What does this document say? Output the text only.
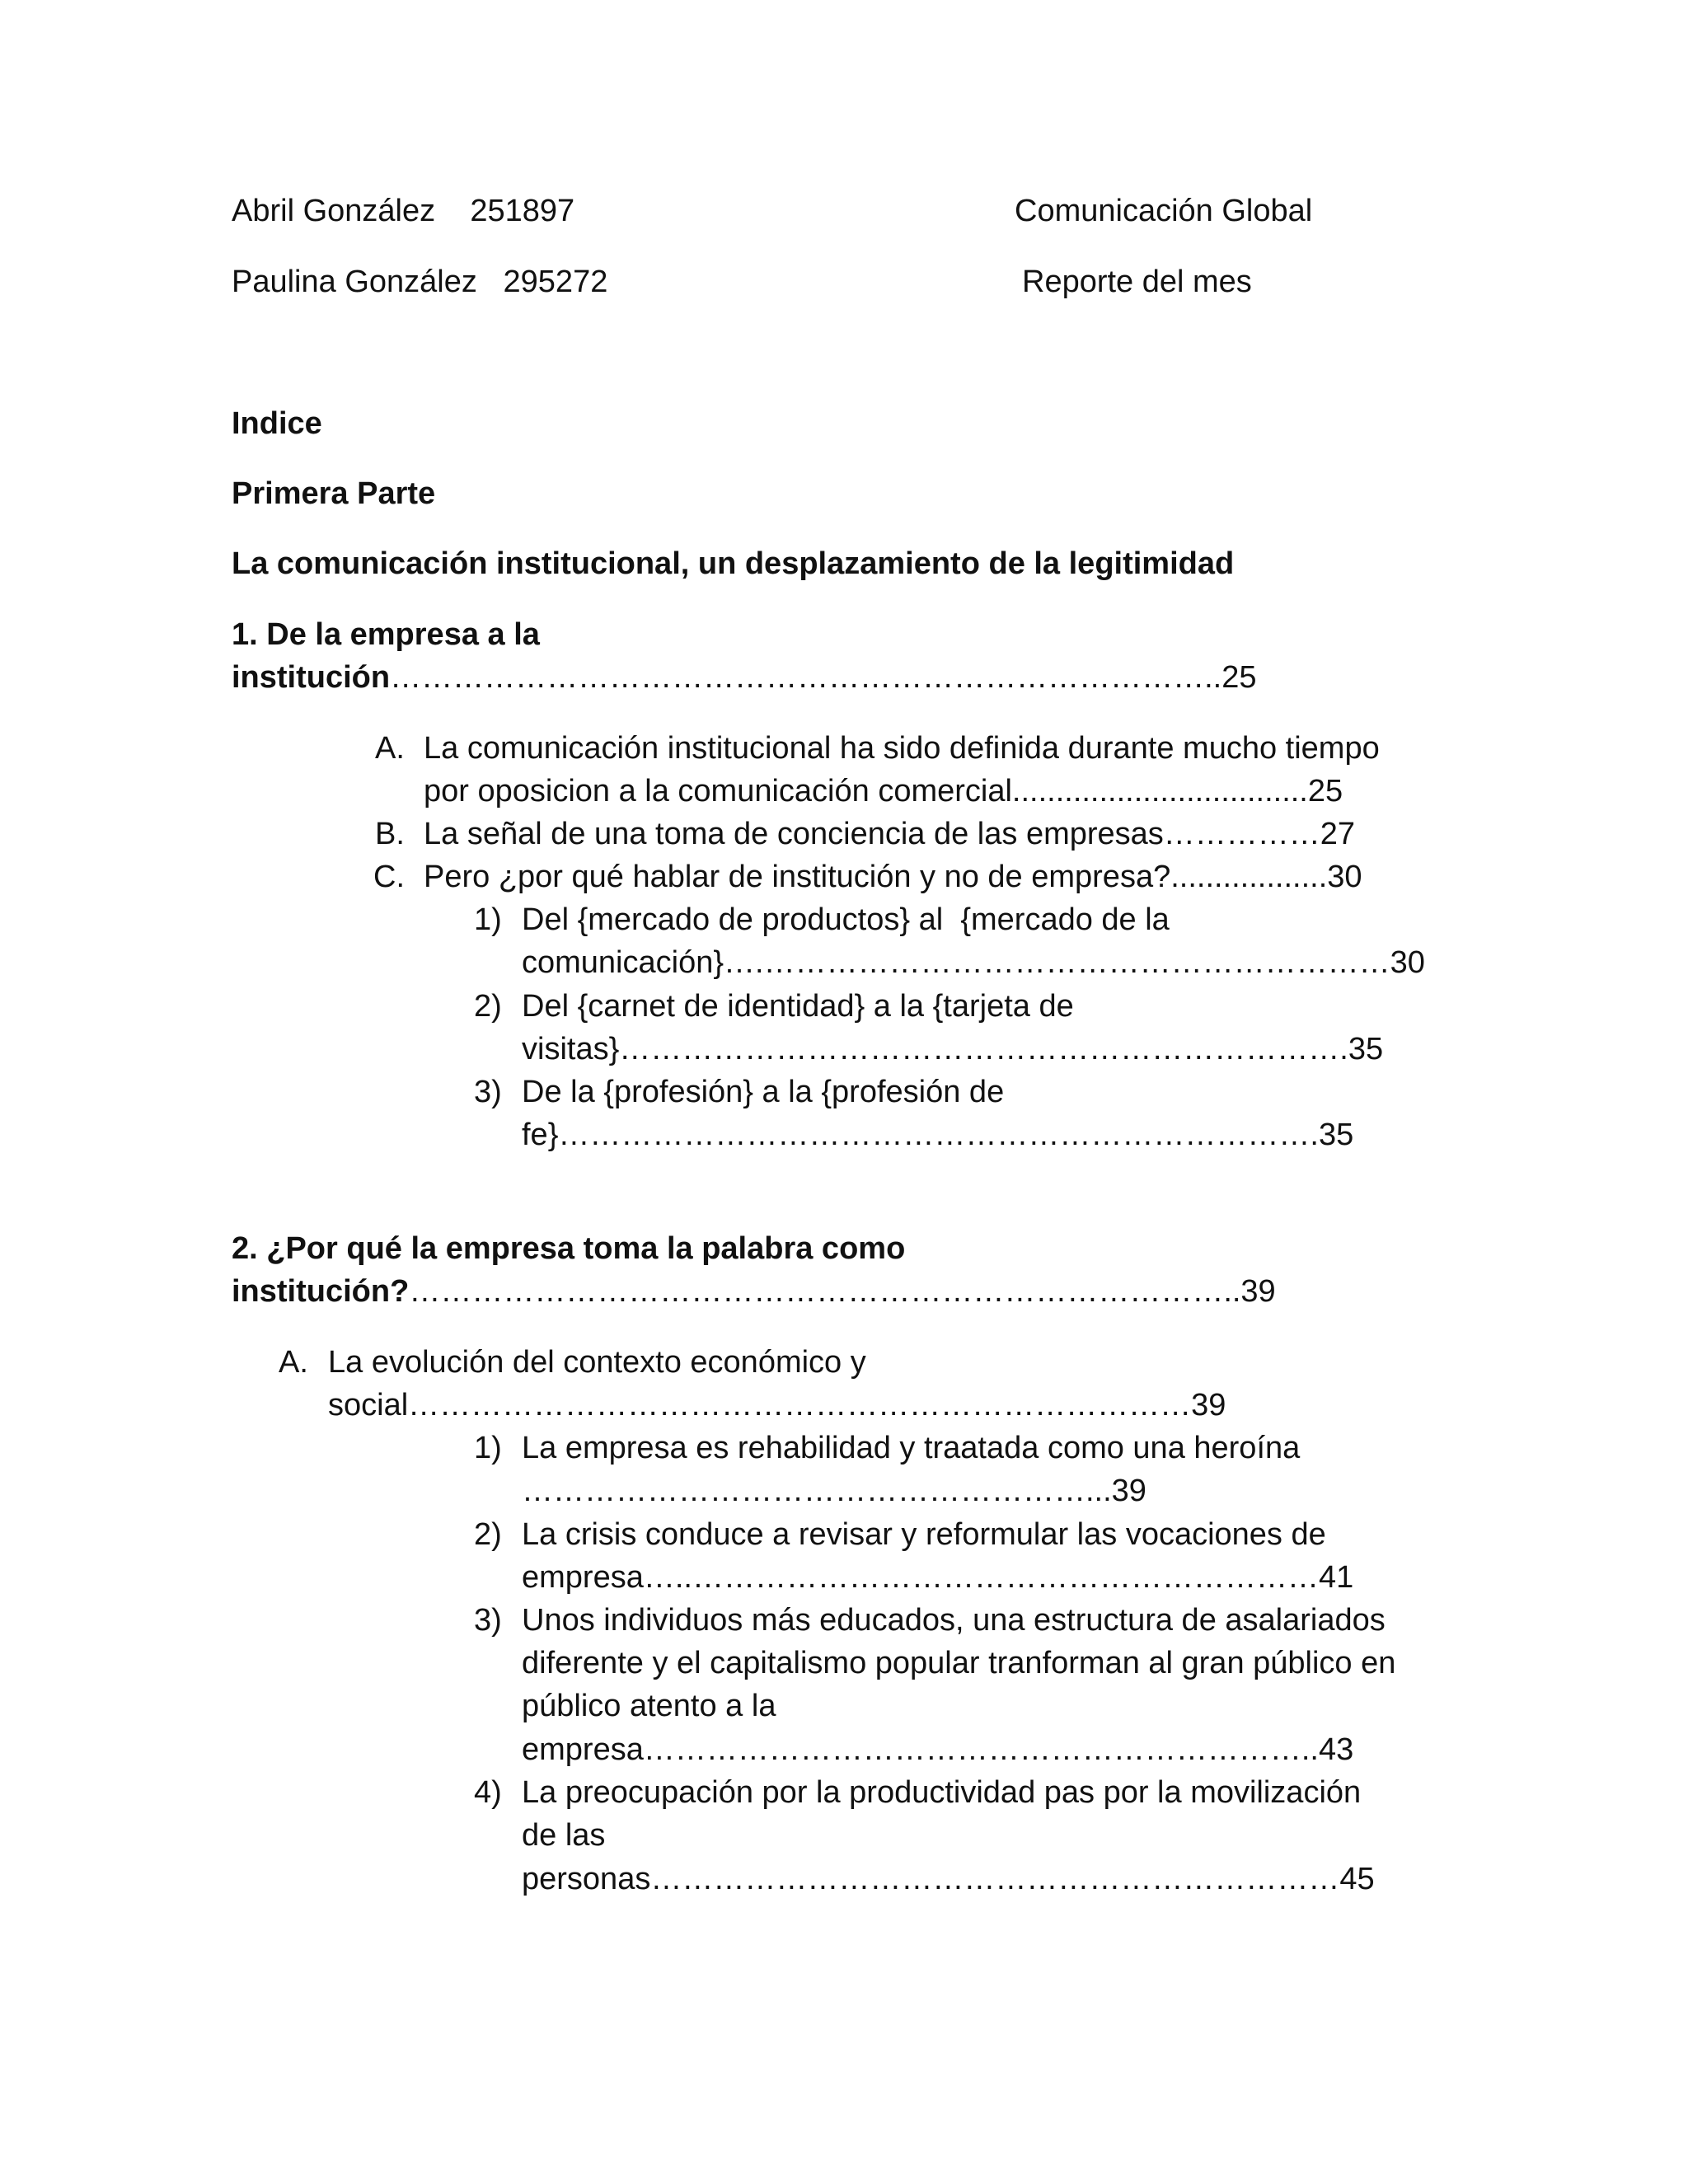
Abril González    251897

Paulina González   295272

Comunicación Global

Reporte del mes

Indice

Primera Parte

La comunicación institucional, un desplazamiento de la legitimidad

1. De la empresa a la

institución……………………………………………………………………..25

A. La comunicación institucional ha sido definida durante mucho tiempo

por oposicion a la comunicación comercial..................................25

B. La señal de una toma de conciencia de las empresas……………27

C. Pero ¿por qué hablar de institución y no de empresa?..................30

1) Del {mercado de productos} al  {mercado de la

comunicación}….……………………………………………………30

2) Del {carnet de identidad} a la {tarjeta de

visitas}…………………………………………………………….35

3) De la {profesión} a la {profesión de

fe}……………………………………………………………….35

2. ¿Por qué la empresa toma la palabra como

institución?……………………………………………………………………..39

A. La evolución del contexto económico y

social…………………………………………………………………39

1) La empresa es rehabilidad y traatada como una heroína

………………………………………………...39

2) La crisis conduce a revisar y reformular las vocaciones de

empresa…..……………………………………………………41

3) Unos individuos más educados, una estructura de asalariados

diferente y el capitalismo popular tranforman al gran público en

público atento a la

empresa………………………………………………………..43

4) La preocupación por la productividad pas por la movilización

de las

personas…………………………………………………………45
